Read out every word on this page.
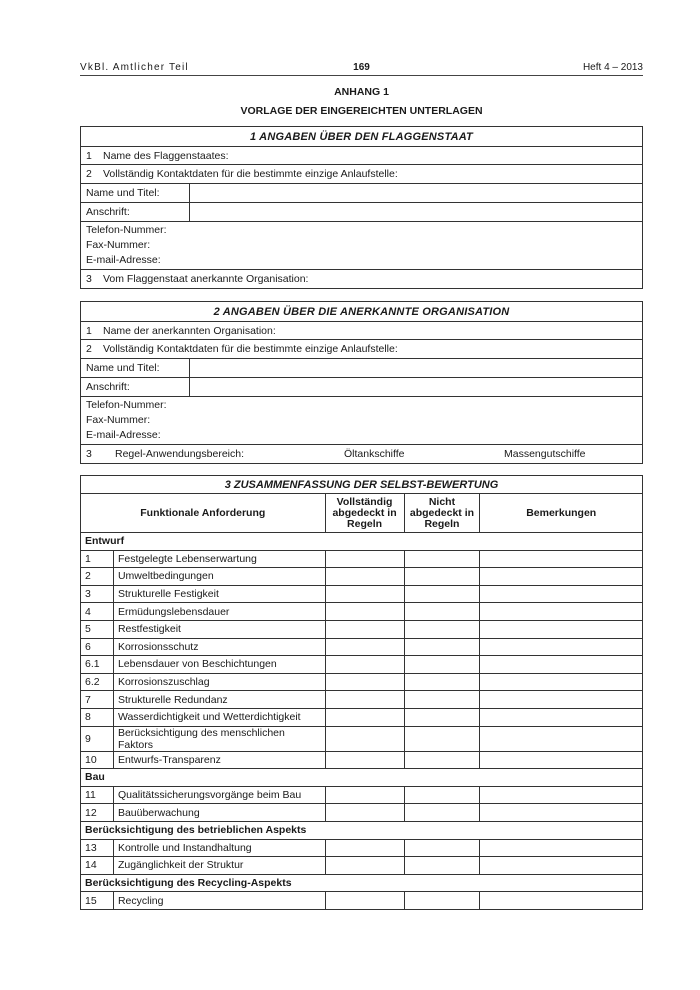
VkBl. Amtlicher Teil	169	Heft 4 – 2013
ANHANG 1
VORLAGE DER EINGEREICHTEN UNTERLAGEN
1 ANGABEN ÜBER DEN FLAGGENSTAAT
1	Name des Flaggenstaates:
2	Vollständig Kontaktdaten für die bestimmte einzige Anlaufstelle:
Name und Titel:
Anschrift:
Telefon-Nummer:
Fax-Nummer:
E-mail-Adresse:
3	Vom Flaggenstaat anerkannte Organisation:
2 ANGABEN ÜBER DIE ANERKANNTE ORGANISATION
1	Name der anerkannten Organisation:
2	Vollständig Kontaktdaten für die bestimmte einzige Anlaufstelle:
Name und Titel:
Anschrift:
Telefon-Nummer:
Fax-Nummer:
E-mail-Adresse:
3	Regel-Anwendungsbereich:	Öltankschiffe	Massengutschiffe
3 ZUSAMMENFASSUNG DER SELBST-BEWERTUNG				
Funktionale Anforderung		Vollständig abgedeckt in Regeln	Nicht abgedeckt in Regeln	Bemerkungen
Entwurf				
1	Festgelegte Lebenserwartung			
2	Umweltbedingungen			
3	Strukturelle Festigkeit			
4	Ermüdungslebensdauer			
5	Restfestigkeit			
6	Korrosionsschutz			
6.1	Lebensdauer von Beschichtungen			
6.2	Korrosionszuschlag			
7	Strukturelle Redundanz			
8	Wasserdichtigkeit und Wetterdichtigkeit			
9	Berücksichtigung des menschlichen Faktors			
10	Entwurfs-Transparenz			
Bau				
11	Qualitätssicherungsvorgänge beim Bau			
12	Bauüberwachung			
Berücksichtigung des betrieblichen Aspekts				
13	Kontrolle und Instandhaltung			
14	Zugänglichkeit der Struktur			
Berücksichtigung des Recycling-Aspekts				
15	Recycling			
